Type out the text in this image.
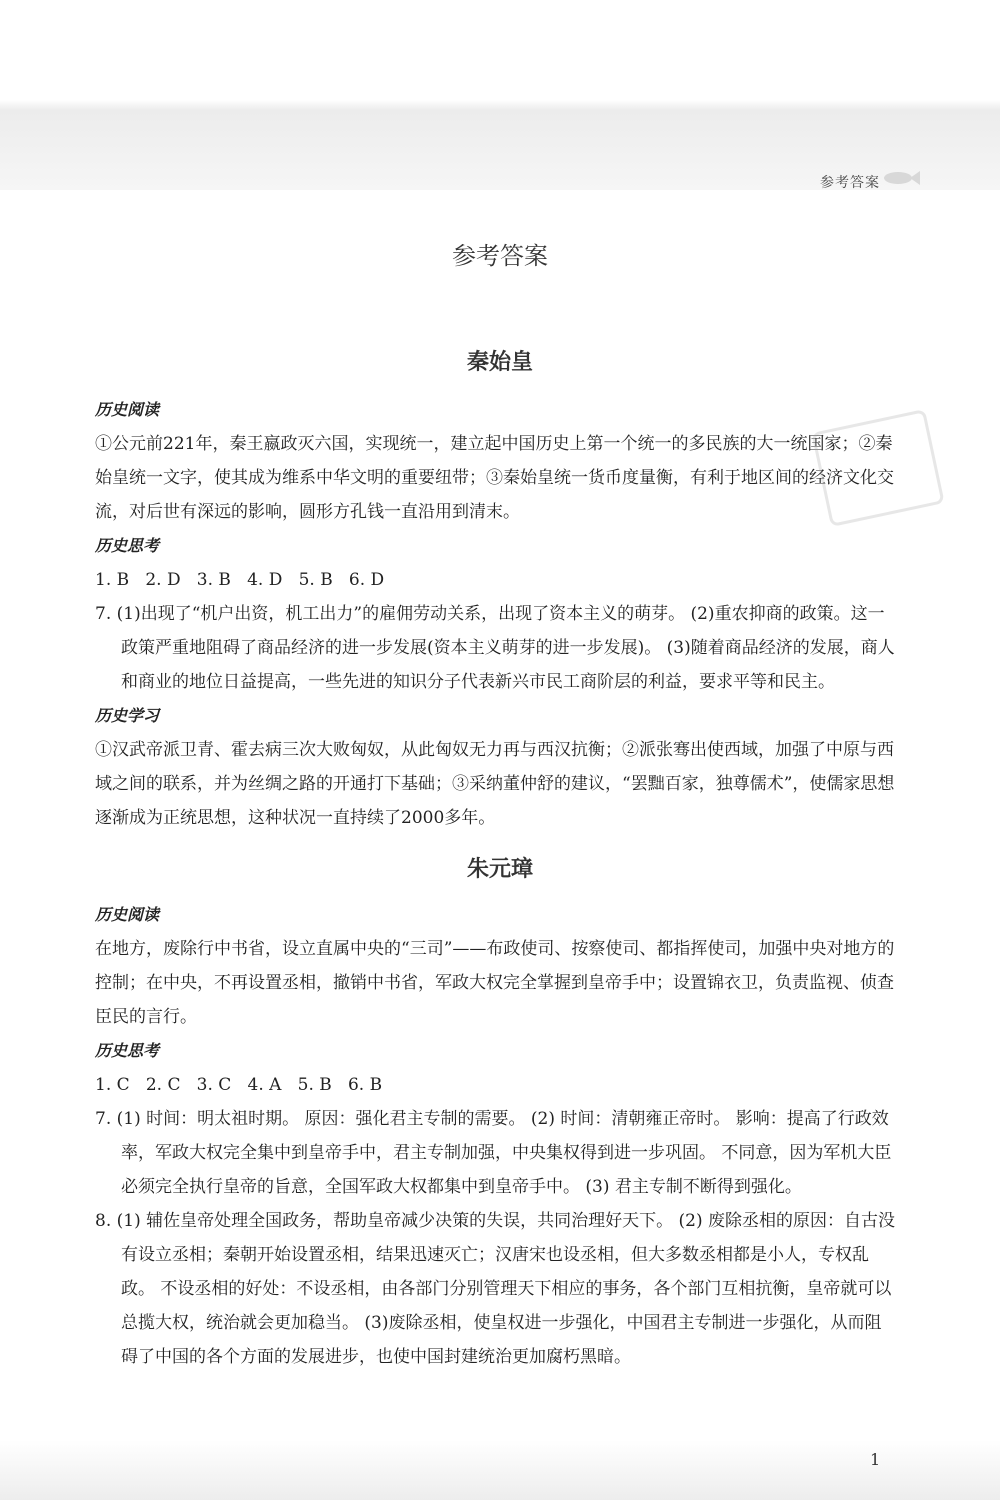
参考答案
参考答案
秦始皇
历史阅读
①公元前221年，秦王嬴政灭六国，实现统一，建立起中国历史上第一个统一的多民族的大一统国家；②秦始皇统一文字，使其成为维系中华文明的重要纽带；③秦始皇统一货币度量衡，有利于地区间的经济文化交流，对后世有深远的影响，圆形方孔钱一直沿用到清末。
历史思考
1. B   2. D   3. B   4. D   5. B   6. D
7. (1)出现了“机户出资，机工出力”的雇佣劳动关系，出现了资本主义的萌芽。 (2)重农抑商的政策。这一政策严重地阻碍了商品经济的进一步发展(资本主义萌芽的进一步发展)。 (3)随着商品经济的发展，商人和商业的地位日益提高，一些先进的知识分子代表新兴市民工商阶层的利益，要求平等和民主。
历史学习
①汉武帝派卫青、霍去病三次大败匈奴，从此匈奴无力再与西汉抗衡；②派张骞出使西域，加强了中原与西域之间的联系，并为丝绸之路的开通打下基础；③采纳董仲舒的建议，“罢黜百家，独尊儒术”，使儒家思想逐渐成为正统思想，这种状况一直持续了2000多年。
朱元璋
历史阅读
在地方，废除行中书省，设立直属中央的“三司”——布政使司、按察使司、都指挥使司，加强中央对地方的控制；在中央，不再设置丞相，撤销中书省，军政大权完全掌握到皇帝手中；设置锦衣卫，负责监视、侦查臣民的言行。
历史思考
1. C   2. C   3. C   4. A   5. B   6. B
7. (1) 时间：明太祖时期。 原因：强化君主专制的需要。 (2) 时间：清朝雍正帝时。 影响：提高了行政效率，军政大权完全集中到皇帝手中，君主专制加强，中央集权得到进一步巩固。 不同意，因为军机大臣必须完全执行皇帝的旨意，全国军政大权都集中到皇帝手中。 (3) 君主专制不断得到强化。
8. (1) 辅佐皇帝处理全国政务，帮助皇帝减少决策的失误，共同治理好天下。 (2) 废除丞相的原因：自古没有设立丞相；秦朝开始设置丞相，结果迅速灭亡；汉唐宋也设丞相，但大多数丞相都是小人，专权乱政。 不设丞相的好处：不设丞相，由各部门分别管理天下相应的事务，各个部门互相抗衡，皇帝就可以总揽大权，统治就会更加稳当。 (3)废除丞相，使皇权进一步强化，中国君主专制进一步强化，从而阻碍了中国的各个方面的发展进步，也使中国封建统治更加腐朽黑暗。
1
